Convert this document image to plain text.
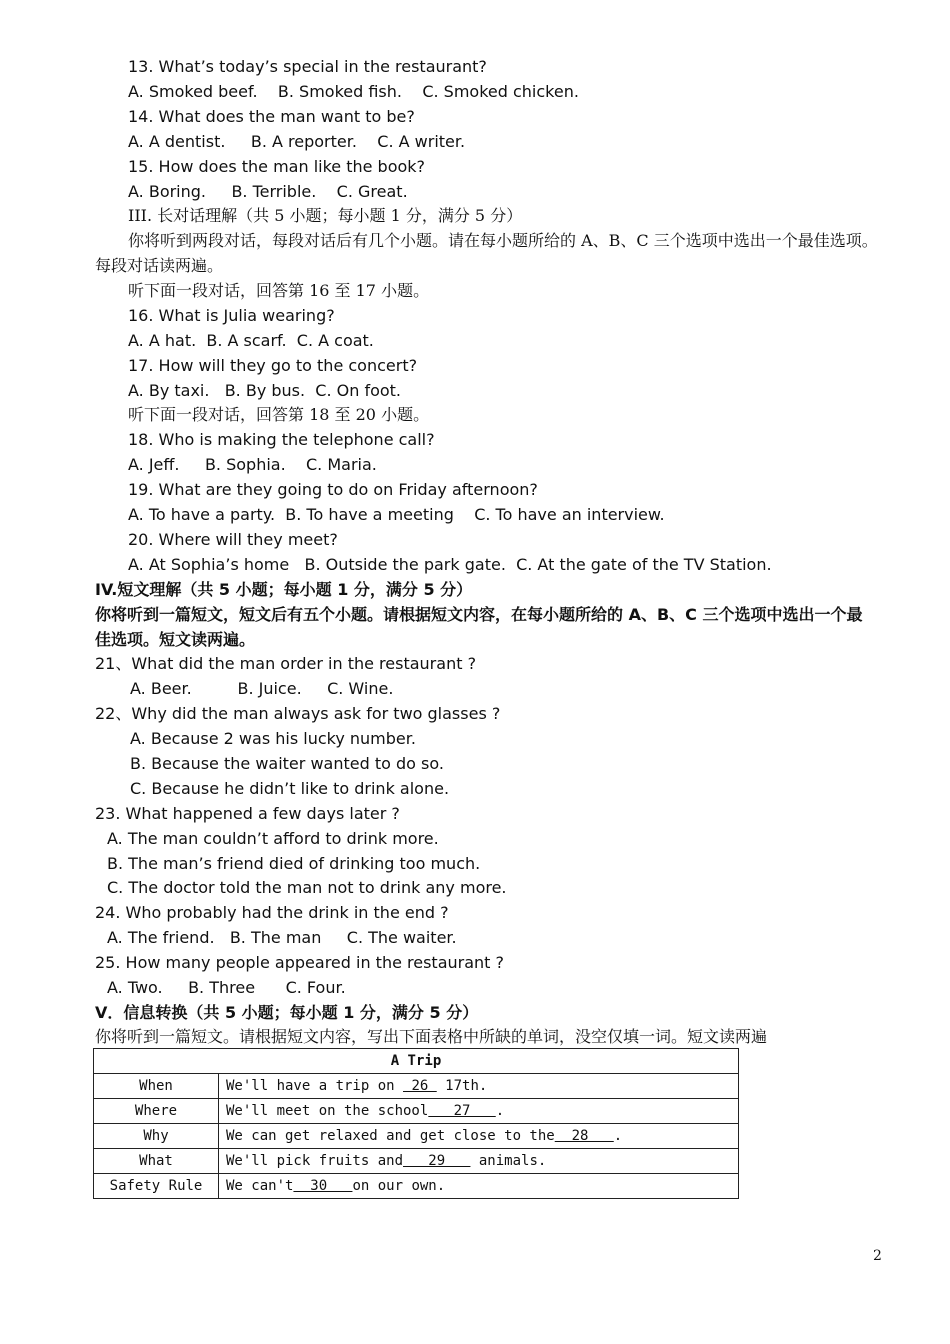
13. What’s today’s special in the restaurant?
A. Smoked beef.    B. Smoked fish.    C. Smoked chicken.
14. What does the man want to be?
A. A dentist.     B. A reporter.    C. A writer.
15. How does the man like the book?
A. Boring.     B. Terrible.    C. Great.
III. 长对话理解（共 5 小题；每小题 1 分，满分 5 分）
你将听到两段对话，每段对话后有几个小题。请在每小题所给的 A、B、C 三个选项中选出一个最佳选项。
每段对话读两遍。
听下面一段对话，回答第 16 至 17 小题。
16. What is Julia wearing?
A. A hat.  B. A scarf.  C. A coat.
17. How will they go to the concert?
A. By taxi.   B. By bus.  C. On foot.
听下面一段对话，回答第 18 至 20 小题。
18. Who is making the telephone call?
A. Jeff.     B. Sophia.    C. Maria.
19. What are they going to do on Friday afternoon?
A. To have a party.  B. To have a meeting    C. To have an interview.
20. Where will they meet?
A. At Sophia’s home   B. Outside the park gate.  C. At the gate of the TV Station.
IV.短文理解（共 5 小题；每小题 1 分，满分 5 分）
你将听到一篇短文，短文后有五个小题。请根据短文内容，在每小题所给的 A、B、C 三个选项中选出一个最
佳选项。短文读两遍。
21、What did the man order in the restaurant ?
A. Beer.         B. Juice.     C. Wine.
22、Why did the man always ask for two glasses ?
A. Because 2 was his lucky number.
B. Because the waiter wanted to do so.
C. Because he didn’t like to drink alone.
23. What happened a few days later ?
A. The man couldn’t afford to drink more.
B. The man’s friend died of drinking too much.
C. The doctor told the man not to drink any more.
24. Who probably had the drink in the end ?
A. The friend.   B. The man     C. The waiter.
25. How many people appeared in the restaurant ?
A. Two.     B. Three      C. Four.
V．信息转换（共 5 小题；每小题 1 分，满分 5 分）
你将听到一篇短文。请根据短文内容，写出下面表格中所缺的单词，没空仅填一词。短文读两遍
A Trip	
When	We'll have a trip on  26  17th.
Where	We'll meet on the school   27   .
Why	We can get relaxed and get close to the  28   .
What	We'll pick fruits and   29    animals.
Safety Rule	We can't  30   on our own.
2
